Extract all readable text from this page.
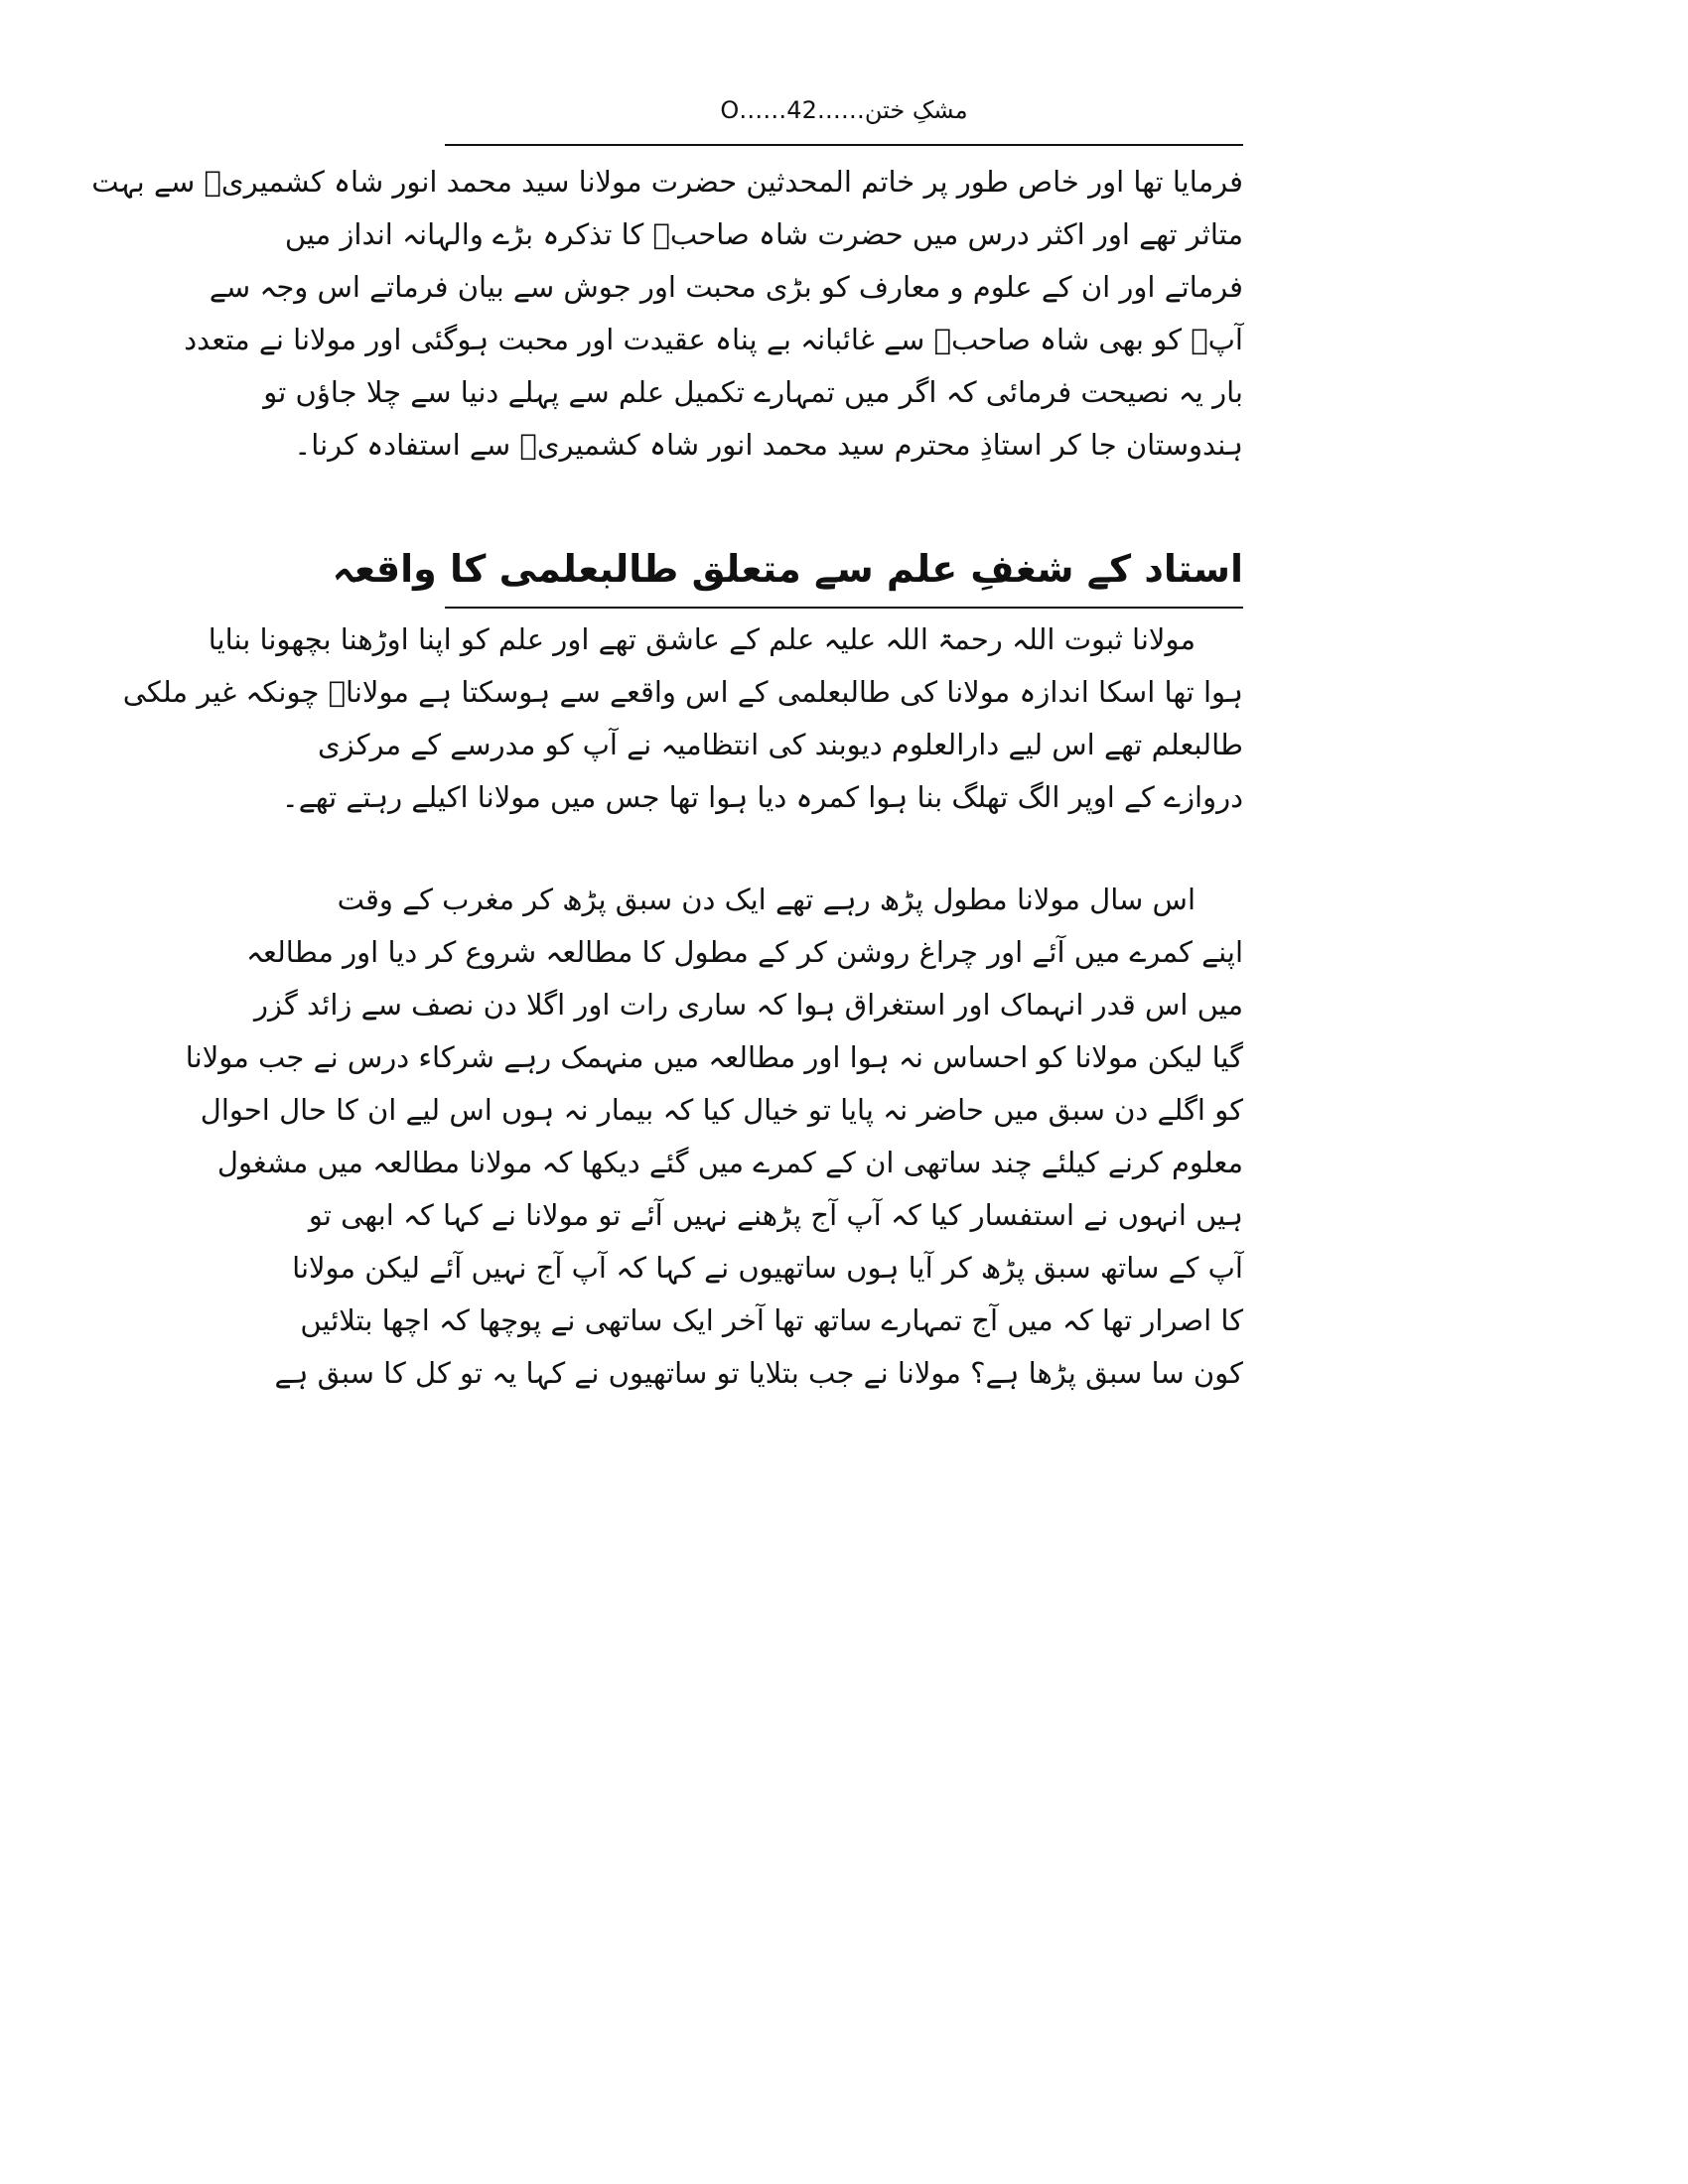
مشکِ ختن……O……42
فرمایا تھا اور خاص طور پر خاتم المحدثین حضرت مولانا سید محمد انور شاہ کشمیریؒ سے بہت
متاثر تھے اور اکثر درس میں حضرت شاہ صاحبؒ کا تذکرہ بڑے والہانہ انداز میں
فرماتے اور ان کے علوم و معارف کو بڑی محبت اور جوش سے بیان فرماتے اس وجہ سے
آپؒ کو بھی شاہ صاحبؒ سے غائبانہ بے پناہ عقیدت اور محبت ہوگئی اور مولانا نے متعدد
بار یہ نصیحت فرمائی کہ اگر میں تمہارے تکمیل علم سے پہلے دنیا سے چلا جاؤں تو
ہندوستان جا کر استاذِ محترم سید محمد انور شاہ کشمیریؒ سے استفادہ کرنا۔
استاد کے شغفِ علم سے متعلق طالبعلمی کا واقعہ
مولانا ثبوت اللہ رحمۃ اللہ علیہ علم کے عاشق تھے اور علم کو اپنا اوڑھنا بچھونا بنایا
ہوا تھا اسکا اندازہ مولانا کی طالبعلمی کے اس واقعے سے ہوسکتا ہے مولاناؒ چونکہ غیر ملکی
طالبعلم تھے اس لیے دارالعلوم دیوبند کی انتظامیہ نے آپ کو مدرسے کے مرکزی
دروازے کے اوپر الگ تھلگ بنا ہوا کمرہ دیا ہوا تھا جس میں مولانا اکیلے رہتے تھے۔
اس سال مولانا مطول پڑھ رہے تھے ایک دن سبق پڑھ کر مغرب کے وقت
اپنے کمرے میں آئے اور چراغ روشن کر کے مطول کا مطالعہ شروع کر دیا اور مطالعہ
میں اس قدر انہماک اور استغراق ہوا کہ ساری رات اور اگلا دن نصف سے زائد گزر
گیا لیکن مولانا کو احساس نہ ہوا اور مطالعہ میں منہمک رہے شرکاء درس نے جب مولانا
کو اگلے دن سبق میں حاضر نہ پایا تو خیال کیا کہ بیمار نہ ہوں اس لیے ان کا حال احوال
معلوم کرنے کیلئے چند ساتھی ان کے کمرے میں گئے دیکھا کہ مولانا مطالعہ میں مشغول
ہیں انہوں نے استفسار کیا کہ آپ آج پڑھنے نہیں آئے تو مولانا نے کہا کہ ابھی تو
آپ کے ساتھ سبق پڑھ کر آیا ہوں ساتھیوں نے کہا کہ آپ آج نہیں آئے لیکن مولانا
کا اصرار تھا کہ میں آج تمہارے ساتھ تھا آخر ایک ساتھی نے پوچھا کہ اچھا بتلائیں
کون سا سبق پڑھا ہے؟ مولانا نے جب بتلایا تو ساتھیوں نے کہا یہ تو کل کا سبق ہے
